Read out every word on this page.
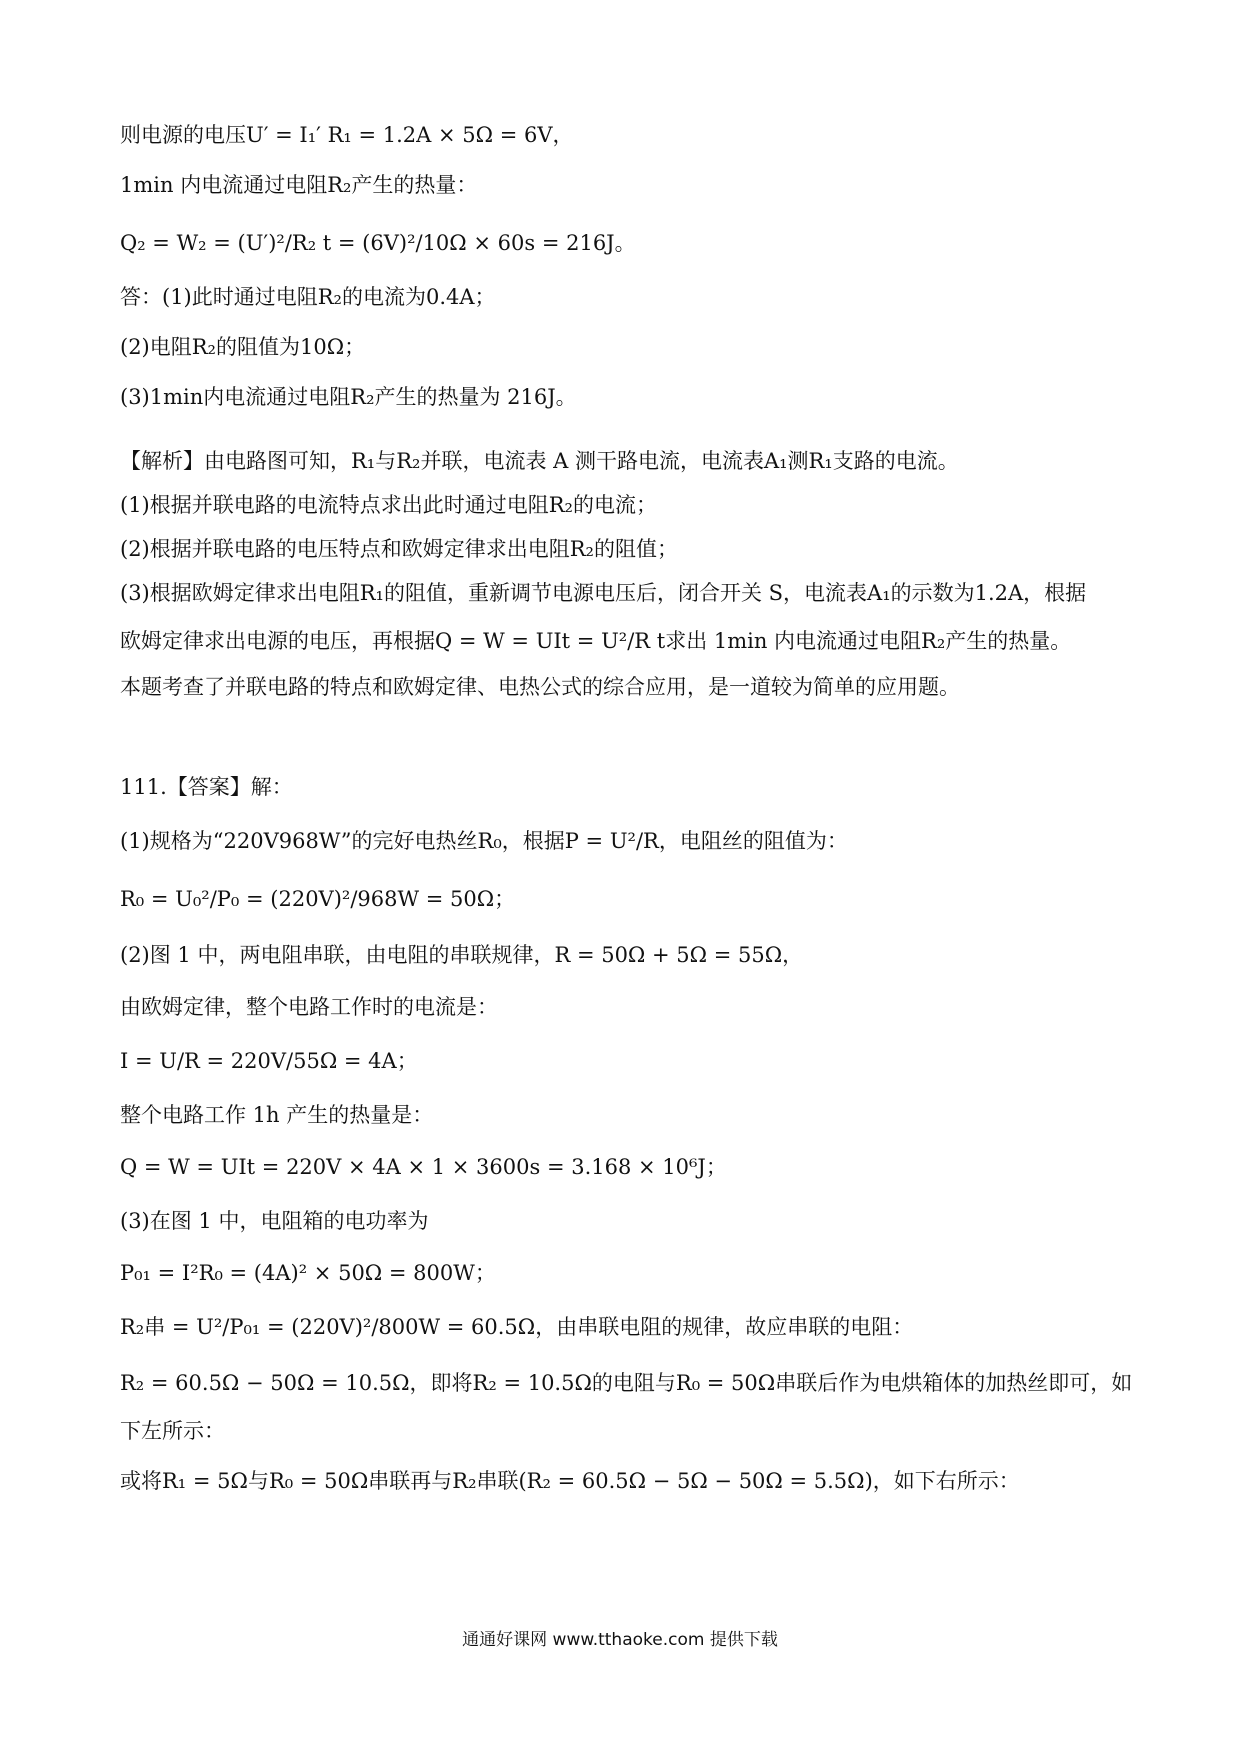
则电源的电压U′ = I₁′ R₁ = 1.2A × 5Ω = 6V，
1min 内电流通过电阻R₂产生的热量：
Q₂ = W₂ = (U′)²/R₂ t = (6V)²/10Ω × 60s = 216J。
答：(1)此时通过电阻R₂的电流为0.4A；
(2)电阻R₂的阻值为10Ω；
(3)1min内电流通过电阻R₂产生的热量为 216J。
【解析】由电路图可知，R₁与R₂并联，电流表 A 测干路电流，电流表A₁测R₁支路的电流。
(1)根据并联电路的电流特点求出此时通过电阻R₂的电流；
(2)根据并联电路的电压特点和欧姆定律求出电阻R₂的阻值；
(3)根据欧姆定律求出电阻R₁的阻值，重新调节电源电压后，闭合开关 S，电流表A₁的示数为1.2A，根据
欧姆定律求出电源的电压，再根据Q = W = UIt = U²/R t求出 1min 内电流通过电阻R₂产生的热量。
本题考查了并联电路的特点和欧姆定律、电热公式的综合应用，是一道较为简单的应用题。
111.【答案】解：
(1)规格为“220V968W”的完好电热丝R₀，根据P = U²/R，电阻丝的阻值为：
R₀ = U₀²/P₀ = (220V)²/968W = 50Ω；
(2)图 1 中，两电阻串联，由电阻的串联规律，R = 50Ω + 5Ω = 55Ω，
由欧姆定律，整个电路工作时的电流是：
I = U/R = 220V/55Ω = 4A；
整个电路工作 1h 产生的热量是：
Q = W = UIt = 220V × 4A × 1 × 3600s = 3.168 × 10⁶J；
(3)在图 1 中，电阻箱的电功率为
P₀₁ = I²R₀ = (4A)² × 50Ω = 800W；
R₂串 = U²/P₀₁ = (220V)²/800W = 60.5Ω，由串联电阻的规律，故应串联的电阻：
R₂ = 60.5Ω − 50Ω = 10.5Ω，即将R₂ = 10.5Ω的电阻与R₀ = 50Ω串联后作为电烘箱体的加热丝即可，如
下左所示：
或将R₁ = 5Ω与R₀ = 50Ω串联再与R₂串联(R₂ = 60.5Ω − 5Ω − 50Ω = 5.5Ω)，如下右所示：
通通好课网 www.tthaoke.com 提供下载
